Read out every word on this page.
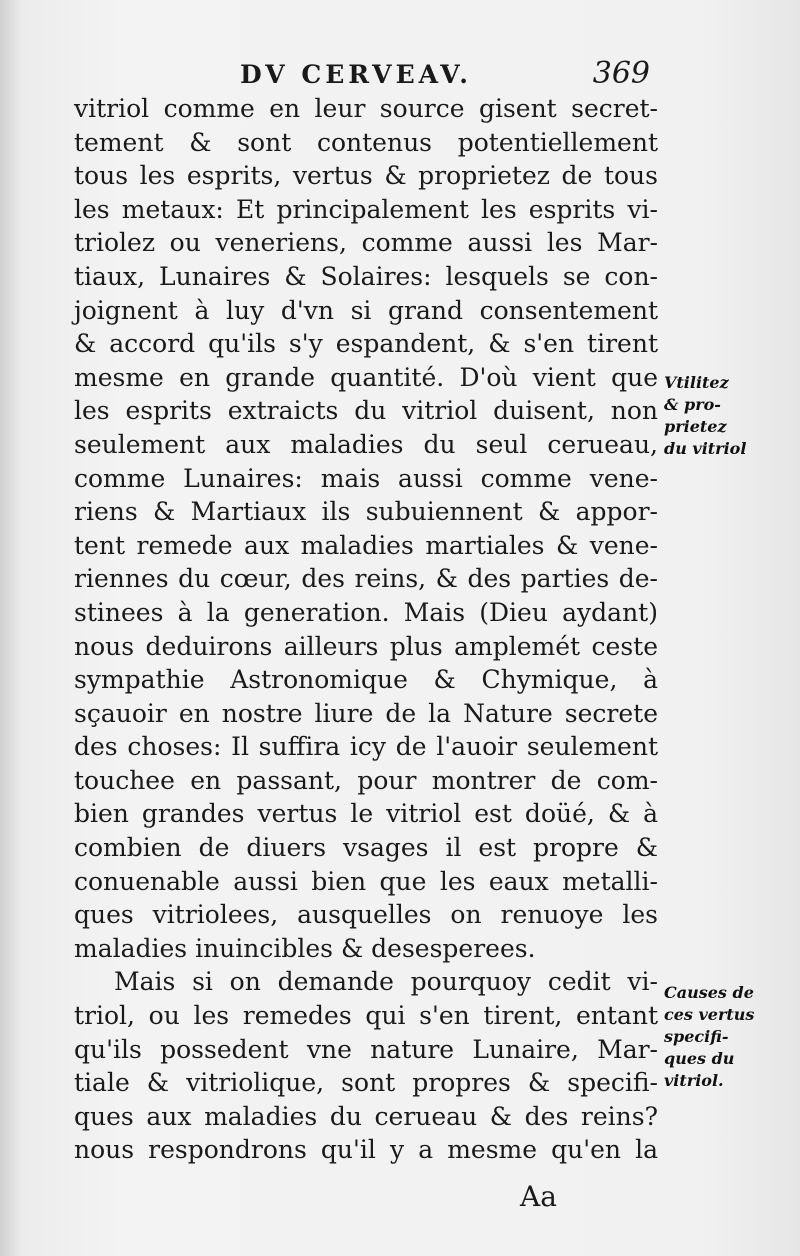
DV CERVEAV.	369
vitriol comme en leur source gisent secret-
tement & sont contenus potentiellement
tous les esprits, vertus & proprietez de tous
les metaux: Et principalement les esprits vi-
triolez ou veneriens, comme aussi les Mar-
tiaux, Lunaires & Solaires: lesquels se con-
joignent à luy d'vn si grand consentement
& accord qu'ils s'y espandent, & s'en tirent
mesme en grande quantité. D'où vient que
les esprits extraicts du vitriol duisent, non
seulement aux maladies du seul cerueau,
comme Lunaires: mais aussi comme vene-
riens & Martiaux ils subuiennent & appor-
tent remede aux maladies martiales & vene-
riennes du cœur, des reins, & des parties de-
stinees à la generation. Mais (Dieu aydant)
nous deduirons ailleurs plus amplemét ceste
sympathie Astronomique & Chymique, à
sçauoir en nostre liure de la Nature secrete
des choses: Il suffira icy de l'auoir seulement
touchee en passant, pour montrer de com-
bien grandes vertus le vitriol est doüé, & à
combien de diuers vsages il est propre &
conuenable aussi bien que les eaux metalli-
ques vitriolees, ausquelles on renuoye les
maladies inuincibles & desesperees.
Mais si on demande pourquoy cedit vi-
triol, ou les remedes qui s'en tirent, entant
qu'ils possedent vne nature Lunaire, Mar-
tiale & vitriolique, sont propres & specifi-
ques aux maladies du cerueau & des reins?
nous respondrons qu'il y a mesme qu'en la
Vtilitez
& pro-
prietez
du vitriol
Causes de
ces vertus
specifi-
ques du
vitriol.
Aa
